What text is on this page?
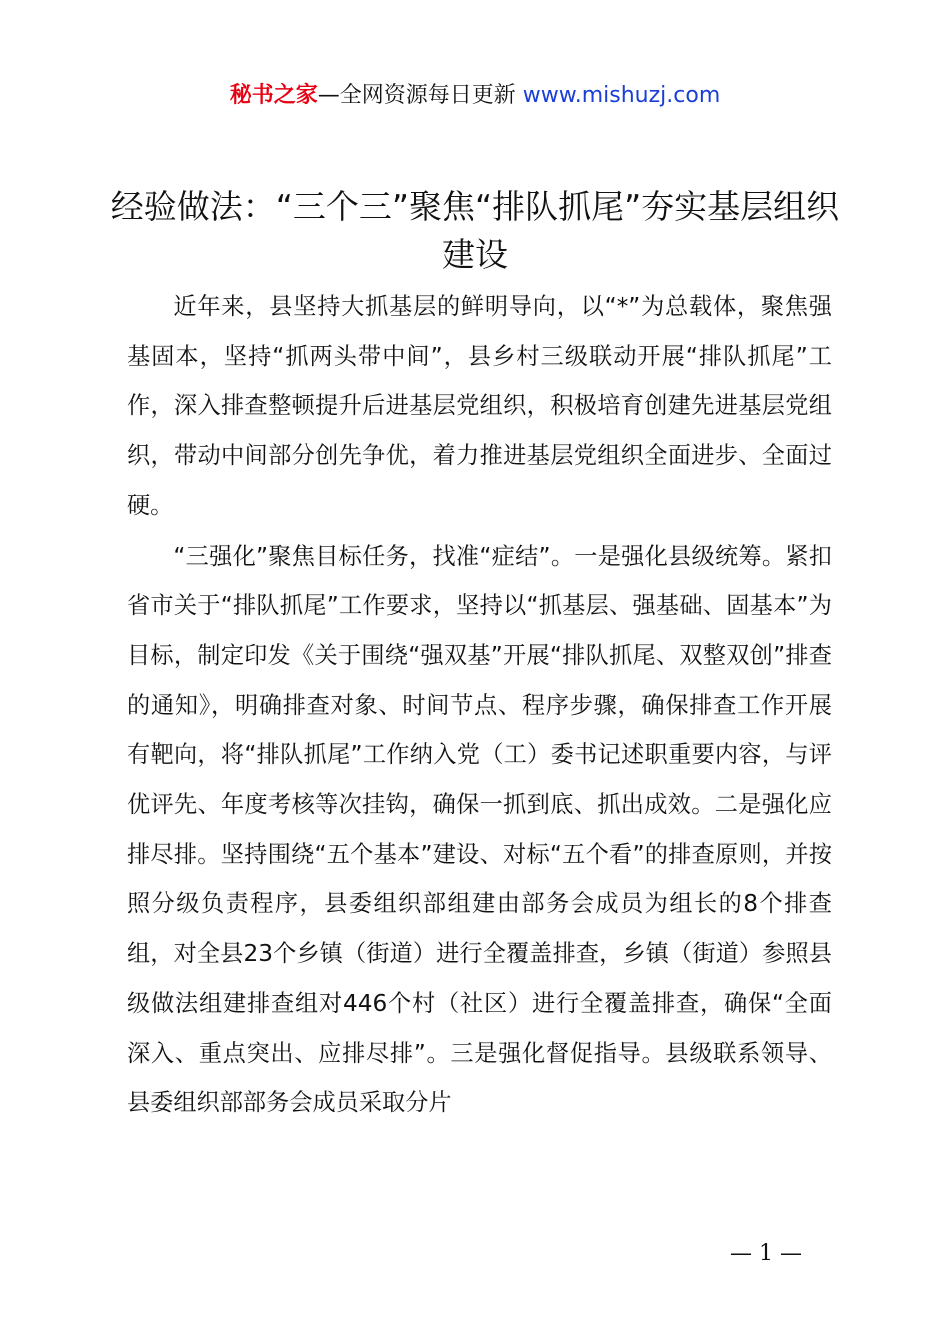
秘书之家—全网资源每日更新 www.mishuzj.com
经验做法：“三个三”聚焦“排队抓尾”夯实基层组织建设

近年来，县坚持大抓基层的鲜明导向，以“*”为总载体，聚焦强基固本，坚持“抓两头带中间”，县乡村三级联动开展“排队抓尾”工作，深入排查整顿提升后进基层党组织，积极培育创建先进基层党组织，带动中间部分创先争优，着力推进基层党组织全面进步、全面过硬。

“三强化”聚焦目标任务，找准“症结”。一是强化县级统筹。紧扣省市关于“排队抓尾”工作要求，坚持以“抓基层、强基础、固基本”为目标，制定印发《关于围绕“强双基”开展“排队抓尾、双整双创”排查的通知》，明确排查对象、时间节点、程序步骤，确保排查工作开展有靶向，将“排队抓尾”工作纳入党（工）委书记述职重要内容，与评优评先、年度考核等次挂钩，确保一抓到底、抓出成效。二是强化应排尽排。坚持围绕“五个基本”建设、对标“五个看”的排查原则，并按照分级负责程序，县委组织部组建由部务会成员为组长的8个排查组，对全县23个乡镇（街道）进行全覆盖排查，乡镇（街道）参照县级做法组建排查组对446个村（社区）进行全覆盖排查，确保“全面深入、重点突出、应排尽排”。三是强化督促指导。县级联系领导、县委组织部部务会成员采取分片

— 1 —
